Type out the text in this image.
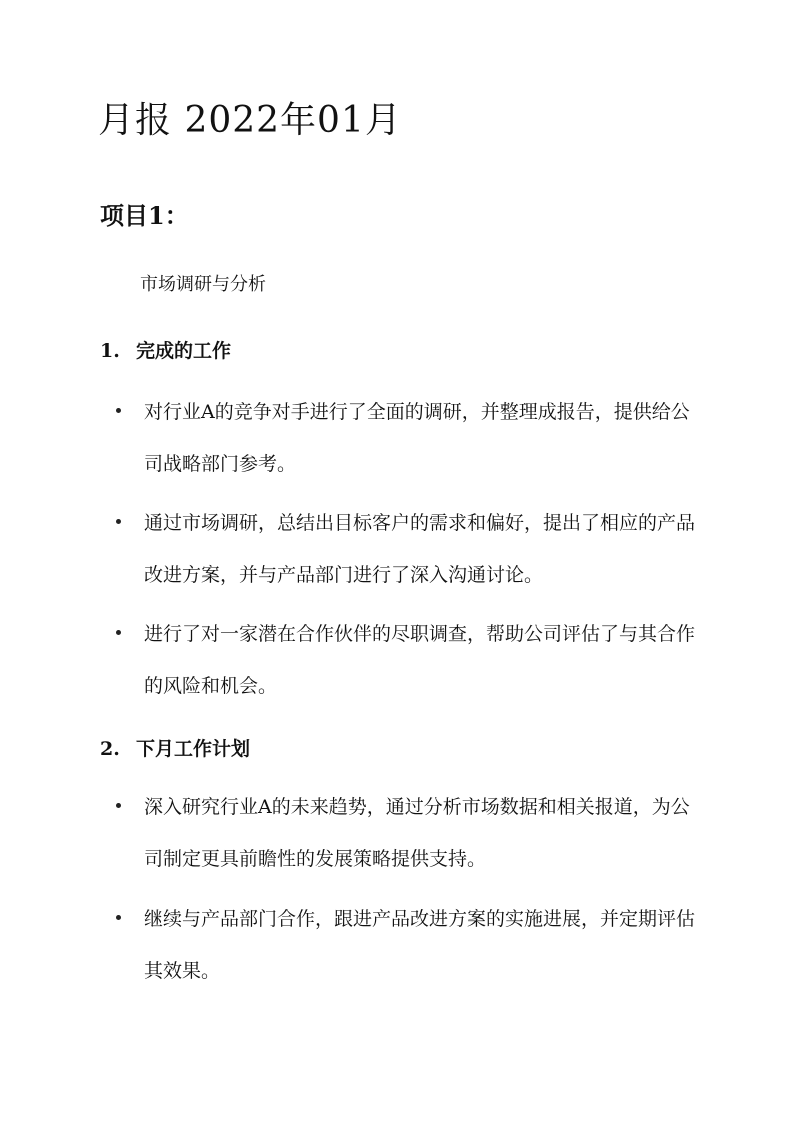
月报 2022年01月
项目1：

市场调研与分析

1. 完成的工作
对行业A的竞争对手进行了全面的调研，并整理成报告，提供给公司战略部门参考。
通过市场调研，总结出目标客户的需求和偏好，提出了相应的产品改进方案，并与产品部门进行了深入沟通讨论。
进行了对一家潜在合作伙伴的尽职调查，帮助公司评估了与其合作的风险和机会。
2. 下月工作计划
深入研究行业A的未来趋势，通过分析市场数据和相关报道，为公司制定更具前瞻性的发展策略提供支持。
继续与产品部门合作，跟进产品改进方案的实施进展，并定期评估其效果。
